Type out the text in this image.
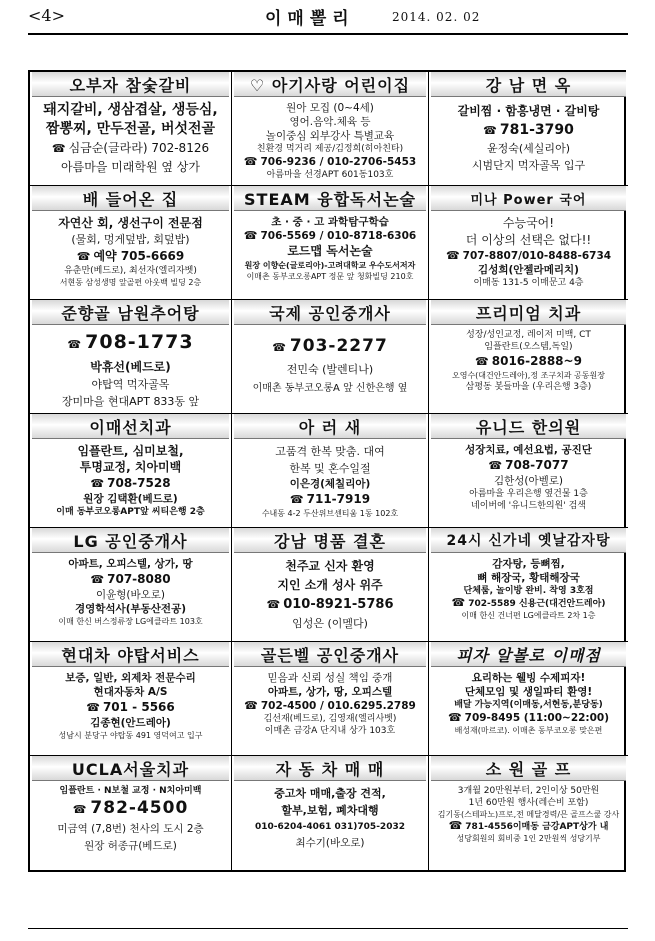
<4>	이매뽈리	2014. 02. 02
오부자 참숯갈비
돼지갈비, 생삼겹살, 생등심,
짬뽕찌, 만두전골, 버섯전골
☎ 심금순(글라라) 702-8126
아름마을 미래학원 옆 상가
♡ 아기사랑 어린이집
원아 모집 (0~4세)
영어.음악.체육 등
놀이중심 외부강사 특별교육
친환경 먹거리 제공/김정희(히아친타)
☎ 706-9236 / 010-2706-5453
아름마을 선경APT 601동103호
강 남 면 옥
갈비찜 · 함흥냉면 · 갈비탕
☎ 781-3790
윤정숙(세실리아)
시범단지 먹자골목 입구
배 들어온 집
자연산 회, 생선구이 전문점
(물회, 멍게덮밥, 회덮밥)
☎ 예약 705-6669
유춘만(베드로), 최선자(엘리자벳)
서현동 삼성생명 앞골편 아웃백 빌딩 2층
STEAM 융합독서논술
초 · 중 · 고 과학탐구학습
☎ 706-5569 / 010-8718-6306
로드맵 독서논술
원장 이향순(글로리아)-고려대학교 우수도서저자
이매촌 동부코오롱APT 정문 앞 청화빌딩 210호
미나 Power 국어
수능국어!
더 이상의 선택은 없다!!
☎ 707-8807/010-8488-6734
김성희(안젤라메리치)
이매동 131-5 이매문고 4층
준향골 남원추어탕
☎ 708-1773
박휴선(베드로)
야탑역 먹자골목
장미마을 현대APT 833동 앞
국제 공인중개사
☎ 703-2277
전민숙 (발렌티나)
이매촌 동부코오롱A 앞 신한은행 옆
프리미엄 치과
성장/성인교정, 레이저 미백, CT
임플란트(오스템,독일)
☎ 8016-2888~9
오영수(대건안드레아),정 조구치과 공동원장
삼평동 봇들마을 (우리은행 3층)
이매선치과
임플란트, 심미보철,
투명교정, 치아미백
☎ 708-7528
원장 김택환(베드로)
이매 동부코오롱APT앞 씨티은행 2층
아 러 새
고품격 한복 맞춤. 대여
한복 및 혼수일절
이은경(체칠리아)
☎ 711-7919
수내동 4-2 두산위브센티움 1동 102호
유니드 한의원
성장치료, 예선요법, 공진단
☎ 708-7077
김한성(아벨로)
아름마을 우리은행 옆건물 1층
네이버에 '유니드한의원' 검색
LG 공인중개사
아파트, 오피스텔, 상가, 땅
☎ 707-8080
이윤형(바오로)
경영학석사(부동산전공)
이매 한신 버스정류장 LG에클라트 103호
강남 명품 결혼
천주교 신자 환영
지인 소개 성사 위주
☎ 010-8921-5786
임성은 (이멜다)
24시 신가네 옛날감자탕
감자탕, 등뼈찜,
뼈 해장국, 황태해장국
단체룸, 놀이방 완비. 착영 3호점
☎ 702-5589 신용근(대건안드레아)
이매 한신 건너편 LG에클라트 2차 1층
현대차 야탑서비스
보증, 일반, 외제차 전문수리
현대자동차 A/S
☎ 701 - 5566
김종현(안드레아)
성남시 분당구 야탑동 491 영덕여고 입구
골든벨 공인중개사
믿음과 신뢰 성실 책임 중개
아파트, 상가, 땅, 오피스텔
☎ 702-4500 / 010.6295.2789
김선재(베드로), 김영재(엘리사벳)
이매촌 금강A 단지내 상가 103호
피자 알볼로 이매점
요리하는 웰빙 수제피자!
단체모임 및 생일파티 환영!
배달 가능지역(이매동,서현동,분당동)
☎ 709-8495 (11:00~22:00)
배성재(마르코). 이매촌 동부코오롱 맞은편
UCLA서울치과
임플란트 · N보철 교정 · N치아미백
☎ 782-4500
미금역 (7,8번) 천사의 도시 2층
원장 허종규(베드로)
자 동 차 매 매
중고차 매매,출장 견적,
할부,보험, 폐차대행
010-6204-4061 031)705-2032
최수기(바오로)
소 원 골 프
3개월 20만원부터, 2인이상 50만원
1년 60만원 행사(레슨비 포함)
김기동(스테파노)프로,전 메달경력/믄 골프스쿨 강사
☎ 781-4556이매동 금강APT상가 내
성당회원의 회비중 1인 2만원씩 성당기부
